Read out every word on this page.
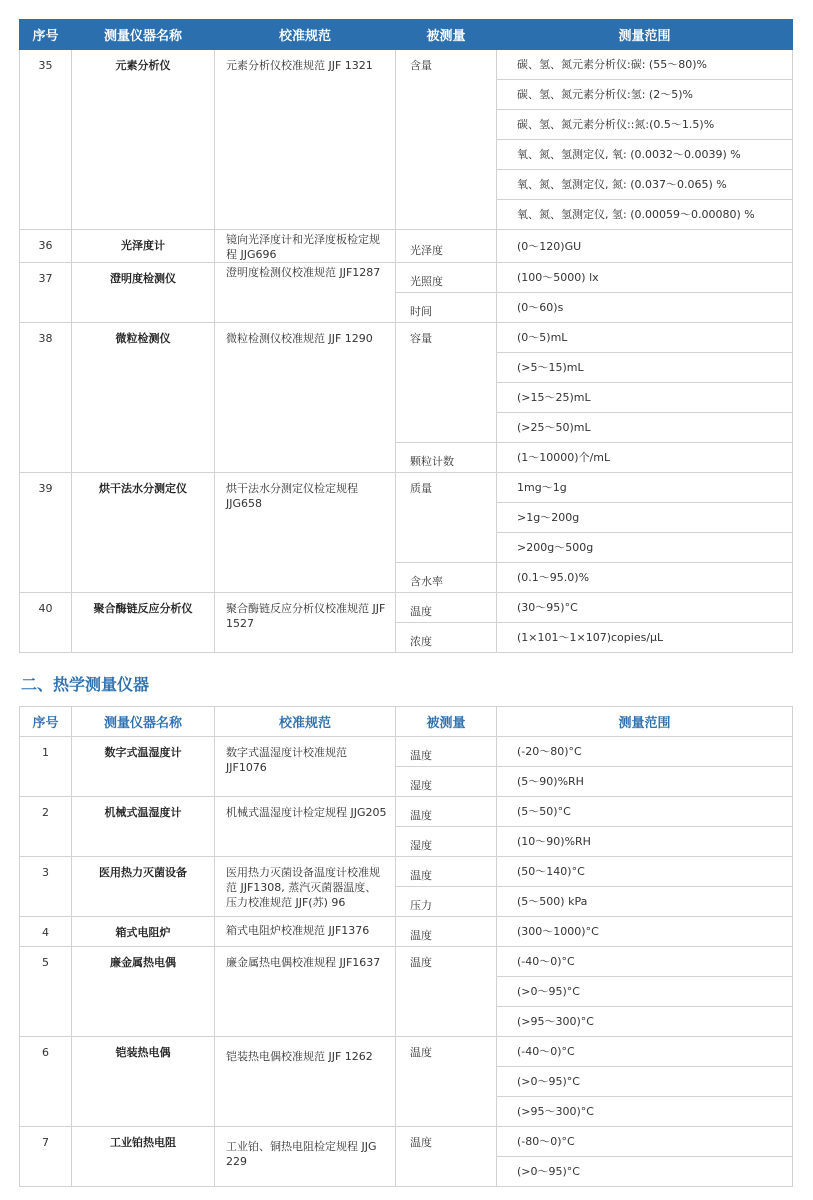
序号	测量仪器名称	校准规范	被测量	测量范围
35	元素分析仪	元素分析仪校准规范 JJF 1321	含量	碳、氢、氮元素分析仪:碳: (55～80)%
				碳、氢、氮元素分析仪:氢: (2～5)%
				碳、氢、氮元素分析仪::氮:(0.5～1.5)%
				氧、氮、氢测定仪, 氧: (0.0032～0.0039) %
				氧、氮、氢测定仪, 氮: (0.037～0.065) %
				氧、氮、氢测定仪, 氢: (0.00059～0.00080) %
36	光泽度计	镜向光泽度计和光泽度板检定规程 JJG696	光泽度	(0～120)GU
37	澄明度检测仪	澄明度检测仪校准规范 JJF1287	光照度	(100～5000) lx
			时间	(0～60)s
38	微粒检测仪	微粒检测仪校准规范 JJF 1290	容量	(0～5)mL
				(>5～15)mL
				(>15～25)mL
				(>25～50)mL
			颗粒计数	(1～10000)个/mL
39	烘干法水分测定仪	烘干法水分测定仪检定规程 JJG658	质量	1mg～1g
				>1g～200g
				>200g～500g
			含水率	(0.1～95.0)%
40	聚合酶链反应分析仪	聚合酶链反应分析仪校准规范 JJF 1527	温度	(30～95)°C
			浓度	(1×101～1×107)copies/μL
二、热学测量仪器
序号	测量仪器名称	校准规范	被测量	测量范围
1	数字式温湿度计	数字式温湿度计校准规范 JJF1076	温度	(-20～80)°C
			湿度	(5～90)%RH
2	机械式温湿度计	机械式温湿度计检定规程 JJG205	温度	(5～50)°C
			湿度	(10～90)%RH
3	医用热力灭菌设备	医用热力灭菌设备温度计校准规范 JJF1308, 蒸汽灭菌器温度、压力校准规范 JJF(苏) 96	温度	(50～140)°C
			压力	(5～500) kPa
4	箱式电阻炉	箱式电阻炉校准规范 JJF1376	温度	(300～1000)°C
5	廉金属热电偶	廉金属热电偶校准规程 JJF1637	温度	(-40～0)°C
				(>0～95)°C
				(>95～300)°C
6	铠装热电偶	铠装热电偶校准规范 JJF 1262	温度	(-40～0)°C
				(>0～95)°C
				(>95～300)°C
7	工业铂热电阻	工业铂、铜热电阻检定规程 JJG 229	温度	(-80～0)°C
				(>0～95)°C
